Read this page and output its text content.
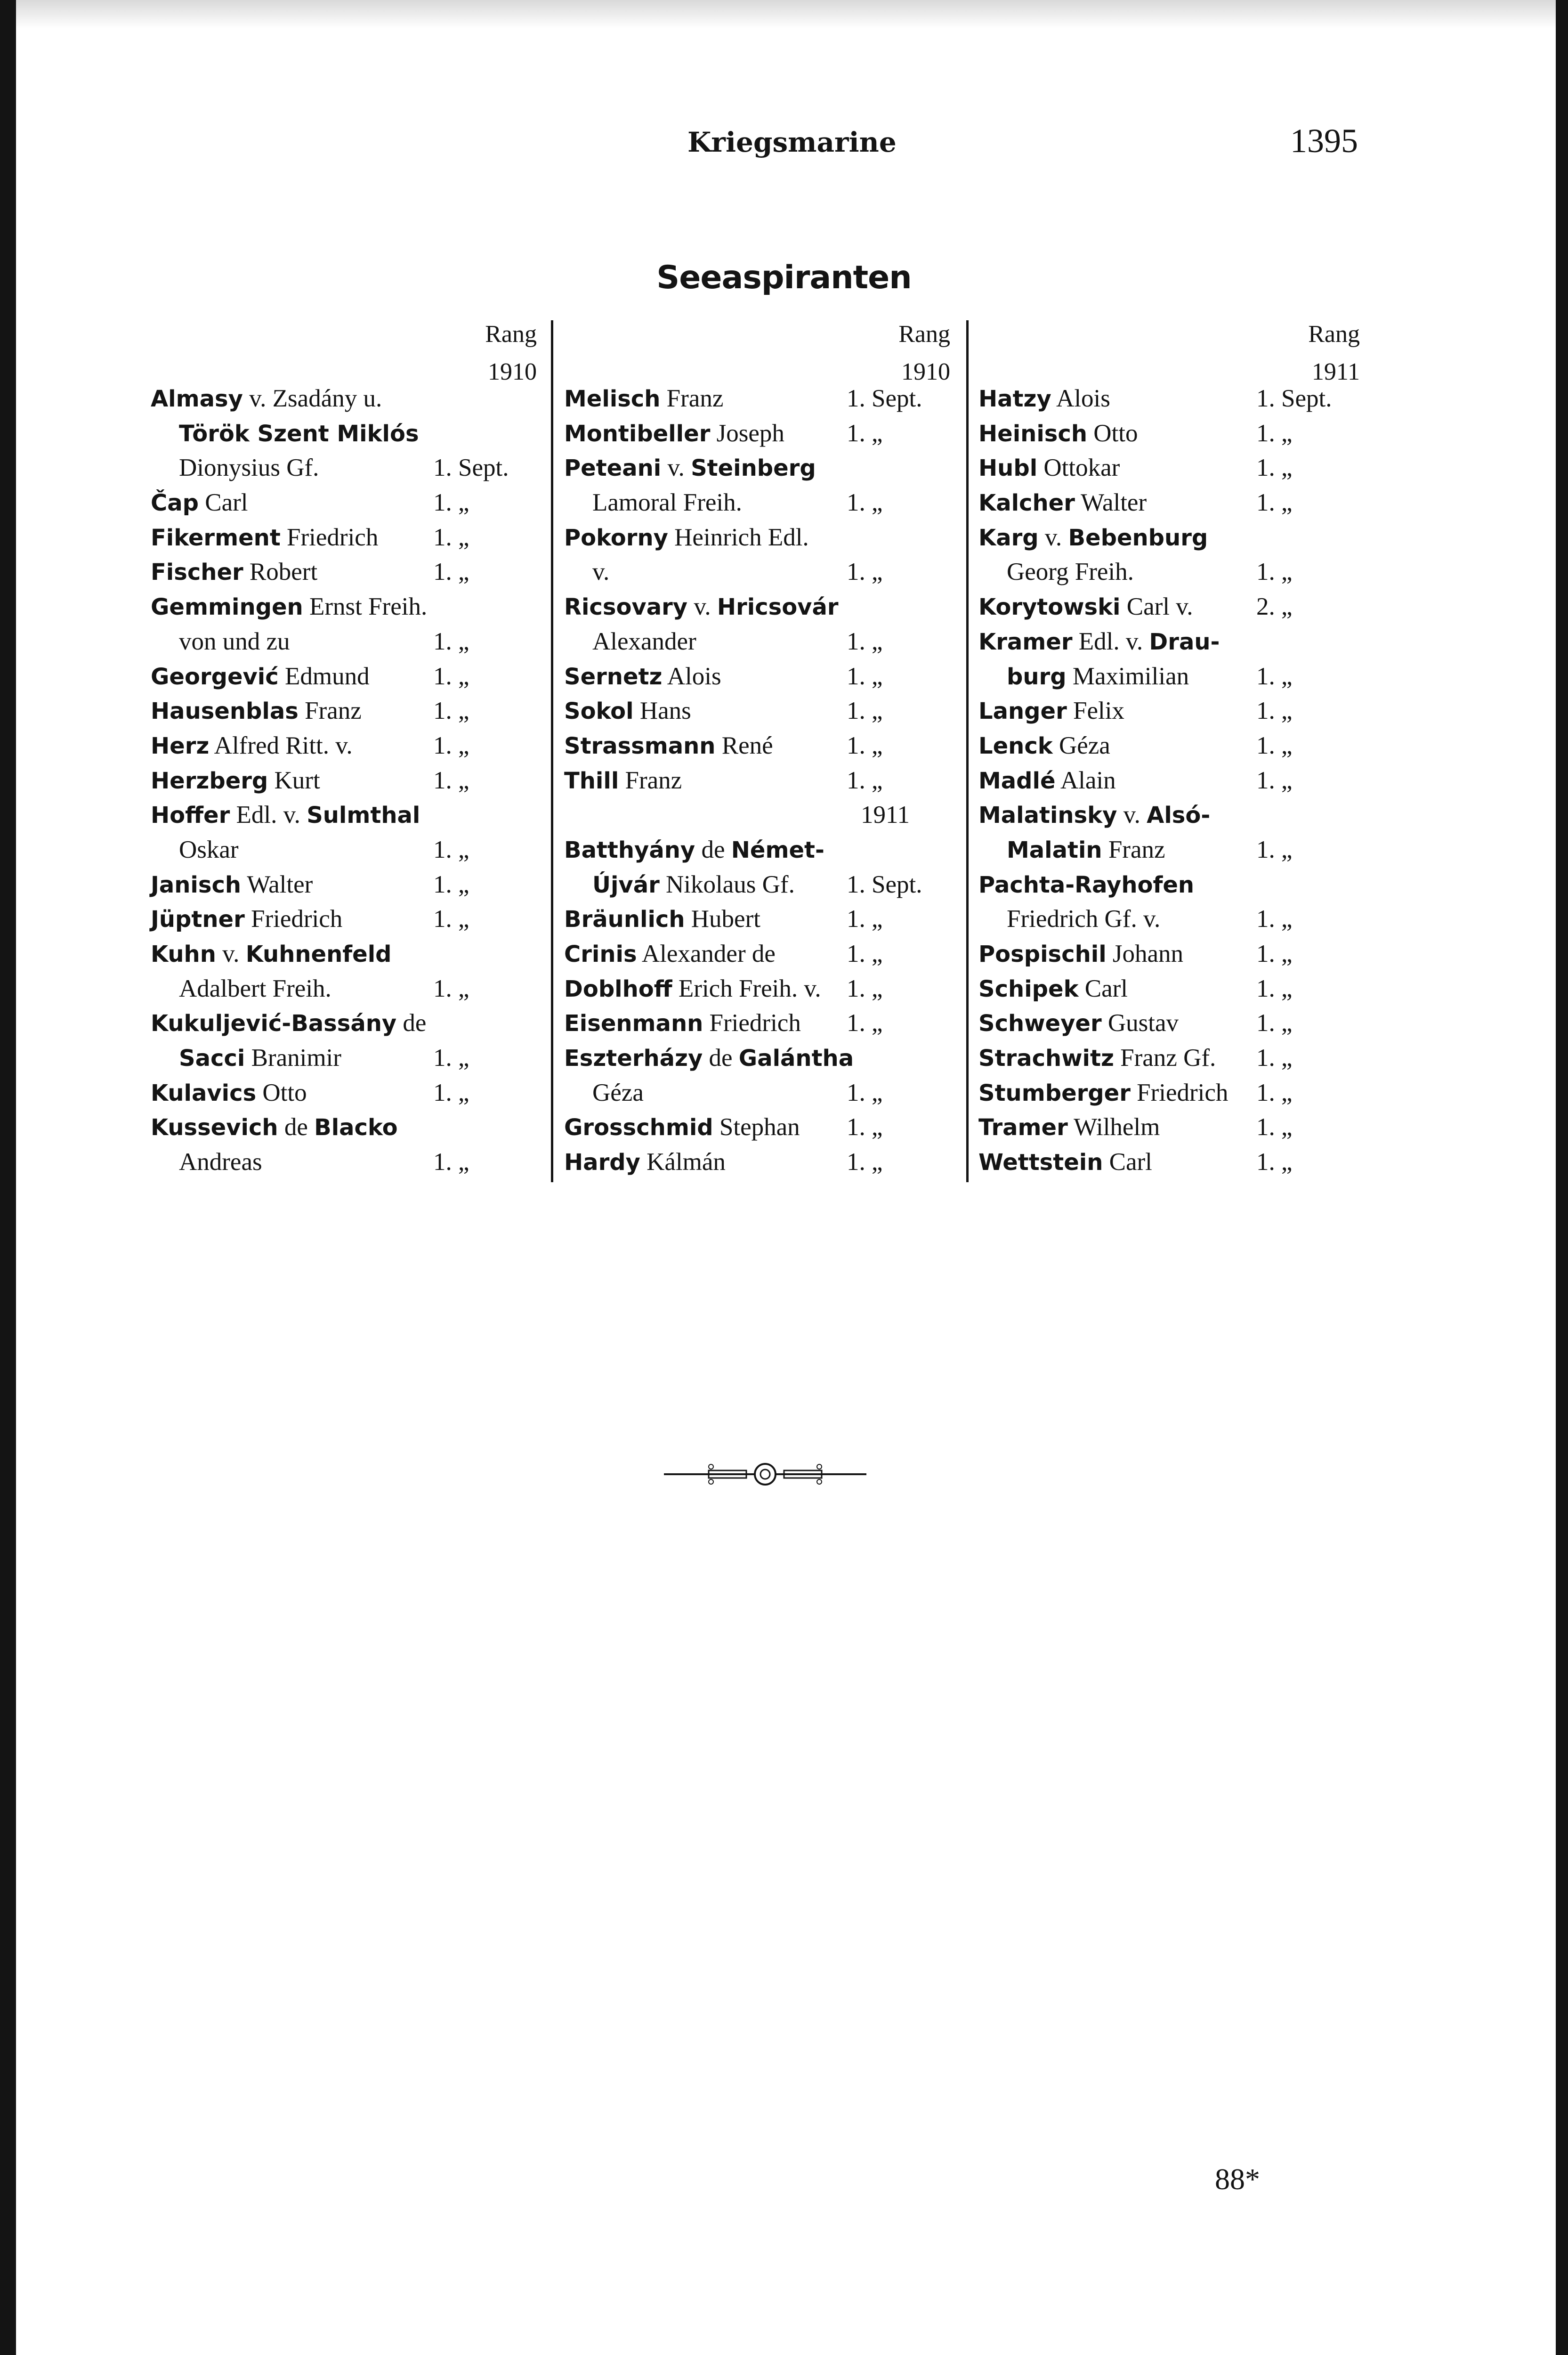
Kriegsmarine	1395
Seeaspiranten
Rang
1910
Almasy v. Zsadány u.
Török Szent Miklós
Dionysius Gf.	1. Sept.
Čap Carl	1. „
Fikerment Friedrich 1. „
Fischer Robert	1. „
Gemmingen Ernst Freih.
von und zu	1. „
Georgević Edmund	1. „
Hausenblas Franz	1. „
Herz Alfred Ritt. v.	1. „
Herzberg Kurt	1. „
Hoffer Edl. v. Sulmthal
Oskar	1. „
Janisch Walter	1. „
Jüptner Friedrich	1. „
Kuhn v. Kuhnenfeld
Adalbert Freih.	1. „
Kukuljević-Bassány de
Sacci Branimir	1. „
Kulavics Otto	1. „
Kussevich de Blacko
Andreas	1. „
Rang
1910
Melisch Franz	1. Sept.
Montibeller Joseph 1. „
Peteani v. Steinberg
Lamoral Freih.	1. „
Pokorny Heinrich Edl.
v.	1. „
Ricsovary v. Hricsovár
Alexander	1. „
Sernetz Alois	1. „
Sokol Hans	1. „
Strassmann René	1. „
Thill Franz	1. „
1911
Batthyány de Német-
Újvár Nikolaus Gf. 1. Sept.
Bräunlich Hubert	1. „
Crinis Alexander de	1. „
Doblhoff Erich Freih. v. 1. „
Eisenmann Friedrich 1. „
Eszterházy de Galántha
Géza	1. „
Grosschmid Stephan 1. „
Hardy Kálmán	1. „
Rang
1911
Hatzy Alois	1. Sept.
Heinisch Otto	1. „
Hubl Ottokar	1. „
Kalcher Walter	1. „
Karg v. Bebenburg
Georg Freih.	1. „
Korytowski Carl v.	2. „
Kramer Edl. v. Drau-
burg Maximilian	1. „
Langer Felix	1. „
Lenck Géza	1. „
Madlé Alain	1. „
Malatinsky v. Alsó-
Malatin Franz	1. „
Pachta-Rayhofen
Friedrich Gf. v.	1. „
Pospischil Johann	1. „
Schipek Carl	1. „
Schweyer Gustav	1. „
Strachwitz Franz Gf. 1. „
Stumberger Friedrich 1. „
Tramer Wilhelm	1. „
Wettstein Carl	1. „
88*
